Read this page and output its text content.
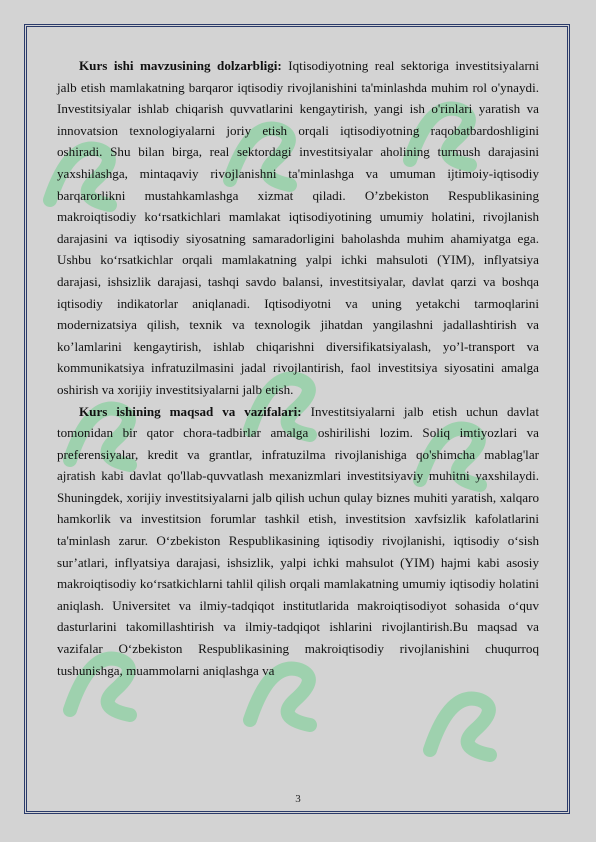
Kurs ishi mavzusining dolzarbligi: Iqtisodiyotning real sektoriga investitsiyalarni jalb etish mamlakatning barqaror iqtisodiy rivojlanishini ta'minlashda muhim rol o'ynaydi. Investitsiyalar ishlab chiqarish quvvatlarini kengaytirish, yangi ish o'rinlari yaratish va innovatsion texnologiyalarni joriy etish orqali iqtisodiyotning raqobatbardoshligini oshiradi. Shu bilan birga, real sektordagi investitsiyalar aholining turmush darajasini yaxshilashga, mintaqaviy rivojlanishni ta'minlashga va umuman ijtimoiy-iqtisodiy barqarorlikni mustahkamlashga xizmat qiladi. O’zbekiston Respublikasining makroiqtisodiy ko‘rsatkichlari mamlakat iqtisodiyotining umumiy holatini, rivojlanish darajasini va iqtisodiy siyosatning samaradorligini baholashda muhim ahamiyatga ega. Ushbu ko‘rsatkichlar orqali mamlakatning yalpi ichki mahsuloti (YIM), inflyatsiya darajasi, ishsizlik darajasi, tashqi savdo balansi, investitsiyalar, davlat qarzi va boshqa iqtisodiy indikatorlar aniqlanadi. Iqtisodiyotni va uning yetakchi tarmoqlarini modernizatsiya qilish, texnik va texnologik jihatdan yangilashni jadallashtirish va ko’lamlarini kengaytirish, ishlab chiqarishni diversifikatsiyalash, yo’l-transport va kommunikatsiya infratuzilmasini jadal rivojlantirish, faol investitsiya siyosatini amalga oshirish va xorijiy investitsiyalarni jalb etish.

Kurs ishining maqsad va vazifalari: Investitsiyalarni jalb etish uchun davlat tomonidan bir qator chora-tadbirlar amalga oshirilishi lozim. Soliq imtiyozlari va preferensiyalar, kredit va grantlar, infratuzilma rivojlanishiga qo'shimcha mablag'lar ajratish kabi davlat qo'llab-quvvatlash mexanizmlari investitsiyaviy muhitni yaxshilaydi. Shuningdek, xorijiy investitsiyalarni jalb qilish uchun qulay biznes muhiti yaratish, xalqaro hamkorlik va investitsion forumlar tashkil etish, investitsion xavfsizlik kafolatlarini ta'minlash zarur. O‘zbekiston Respublikasining iqtisodiy rivojlanishi, iqtisodiy o‘sish sur’atlari, inflyatsiya darajasi, ishsizlik, yalpi ichki mahsulot (YIM) hajmi kabi asosiy makroiqtisodiy ko‘rsatkichlarni tahlil qilish orqali mamlakatning umumiy iqtisodiy holatini aniqlash. Universitet va ilmiy-tadqiqot institutlarida makroiqtisodiyot sohasida o‘quv dasturlarini takomillashtirish va ilmiy-tadqiqot ishlarini rivojlantirish.Bu maqsad va vazifalar O‘zbekiston Respublikasining makroiqtisodiy rivojlanishini chuqurroq tushunishga, muammolarni aniqlashga va

3
